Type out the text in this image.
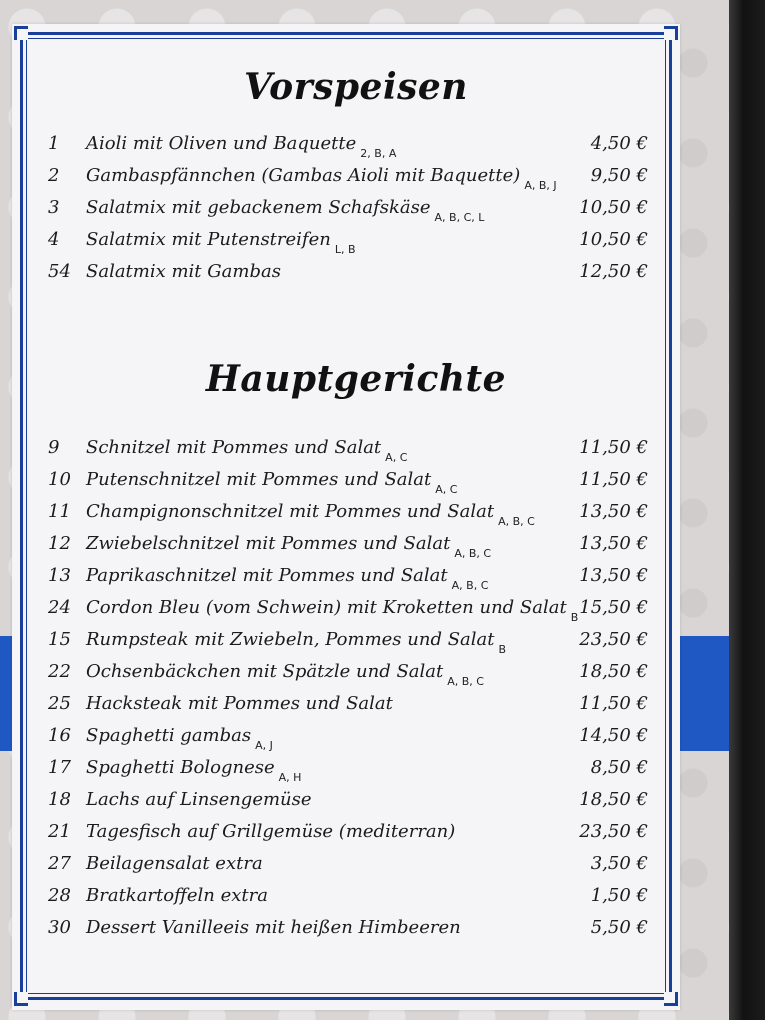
Vorspeisen
1	Aioli mit Oliven und Baquette $_{2, B, A}$	4,50 €
2	Gambaspfännchen (Gambas Aioli mit Baquette) $_{A, B, J}$ 9,50 €
3	Salatmix mit gebackenem Schafskäse $_{A, B, C, L}$	10,50 €
4	Salatmix mit Putenstreifen $_{L, B}$	10,50 €
54 Salatmix mit Gambas	12,50 €
Hauptgerichte
9	Schnitzel mit Pommes und Salat $_{A, C}$	11,50 €
10 Putenschnitzel mit Pommes und Salat $_{A, C}$	11,50 €
11 Champignonschnitzel mit Pommes und Salat $_{A, B, C}$ 13,50 €
12 Zwiebelschnitzel mit Pommes und Salat $_{A, B, C}$	13,50 €
13 Paprikaschnitzel mit Pommes und Salat $_{A, B, C}$	13,50 €
24 Cordon Bleu (vom Schwein) mit Kroketten und Salat $_B$ 15,50 €
15 Rumpsteak mit Zwiebeln, Pommes und Salat $_B$	23,50 €
22 Ochsenbäckchen mit Spätzle und Salat $_{A, B, C}$	18,50 €
25 Hacksteak mit Pommes und Salat	11,50 €
16 Spaghetti gambas $_{A, J}$	14,50 €
17 Spaghetti Bolognese $_{A, H}$	8,50 €
18 Lachs auf Linsengemüse	18,50 €
21 Tagesfisch auf Grillgemüse (mediterran)	23,50 €
27 Beilagensalat extra	3,50 €
28 Bratkartoffeln extra	1,50 €
30 Dessert Vanilleeis mit heißen Himbeeren	5,50 €
